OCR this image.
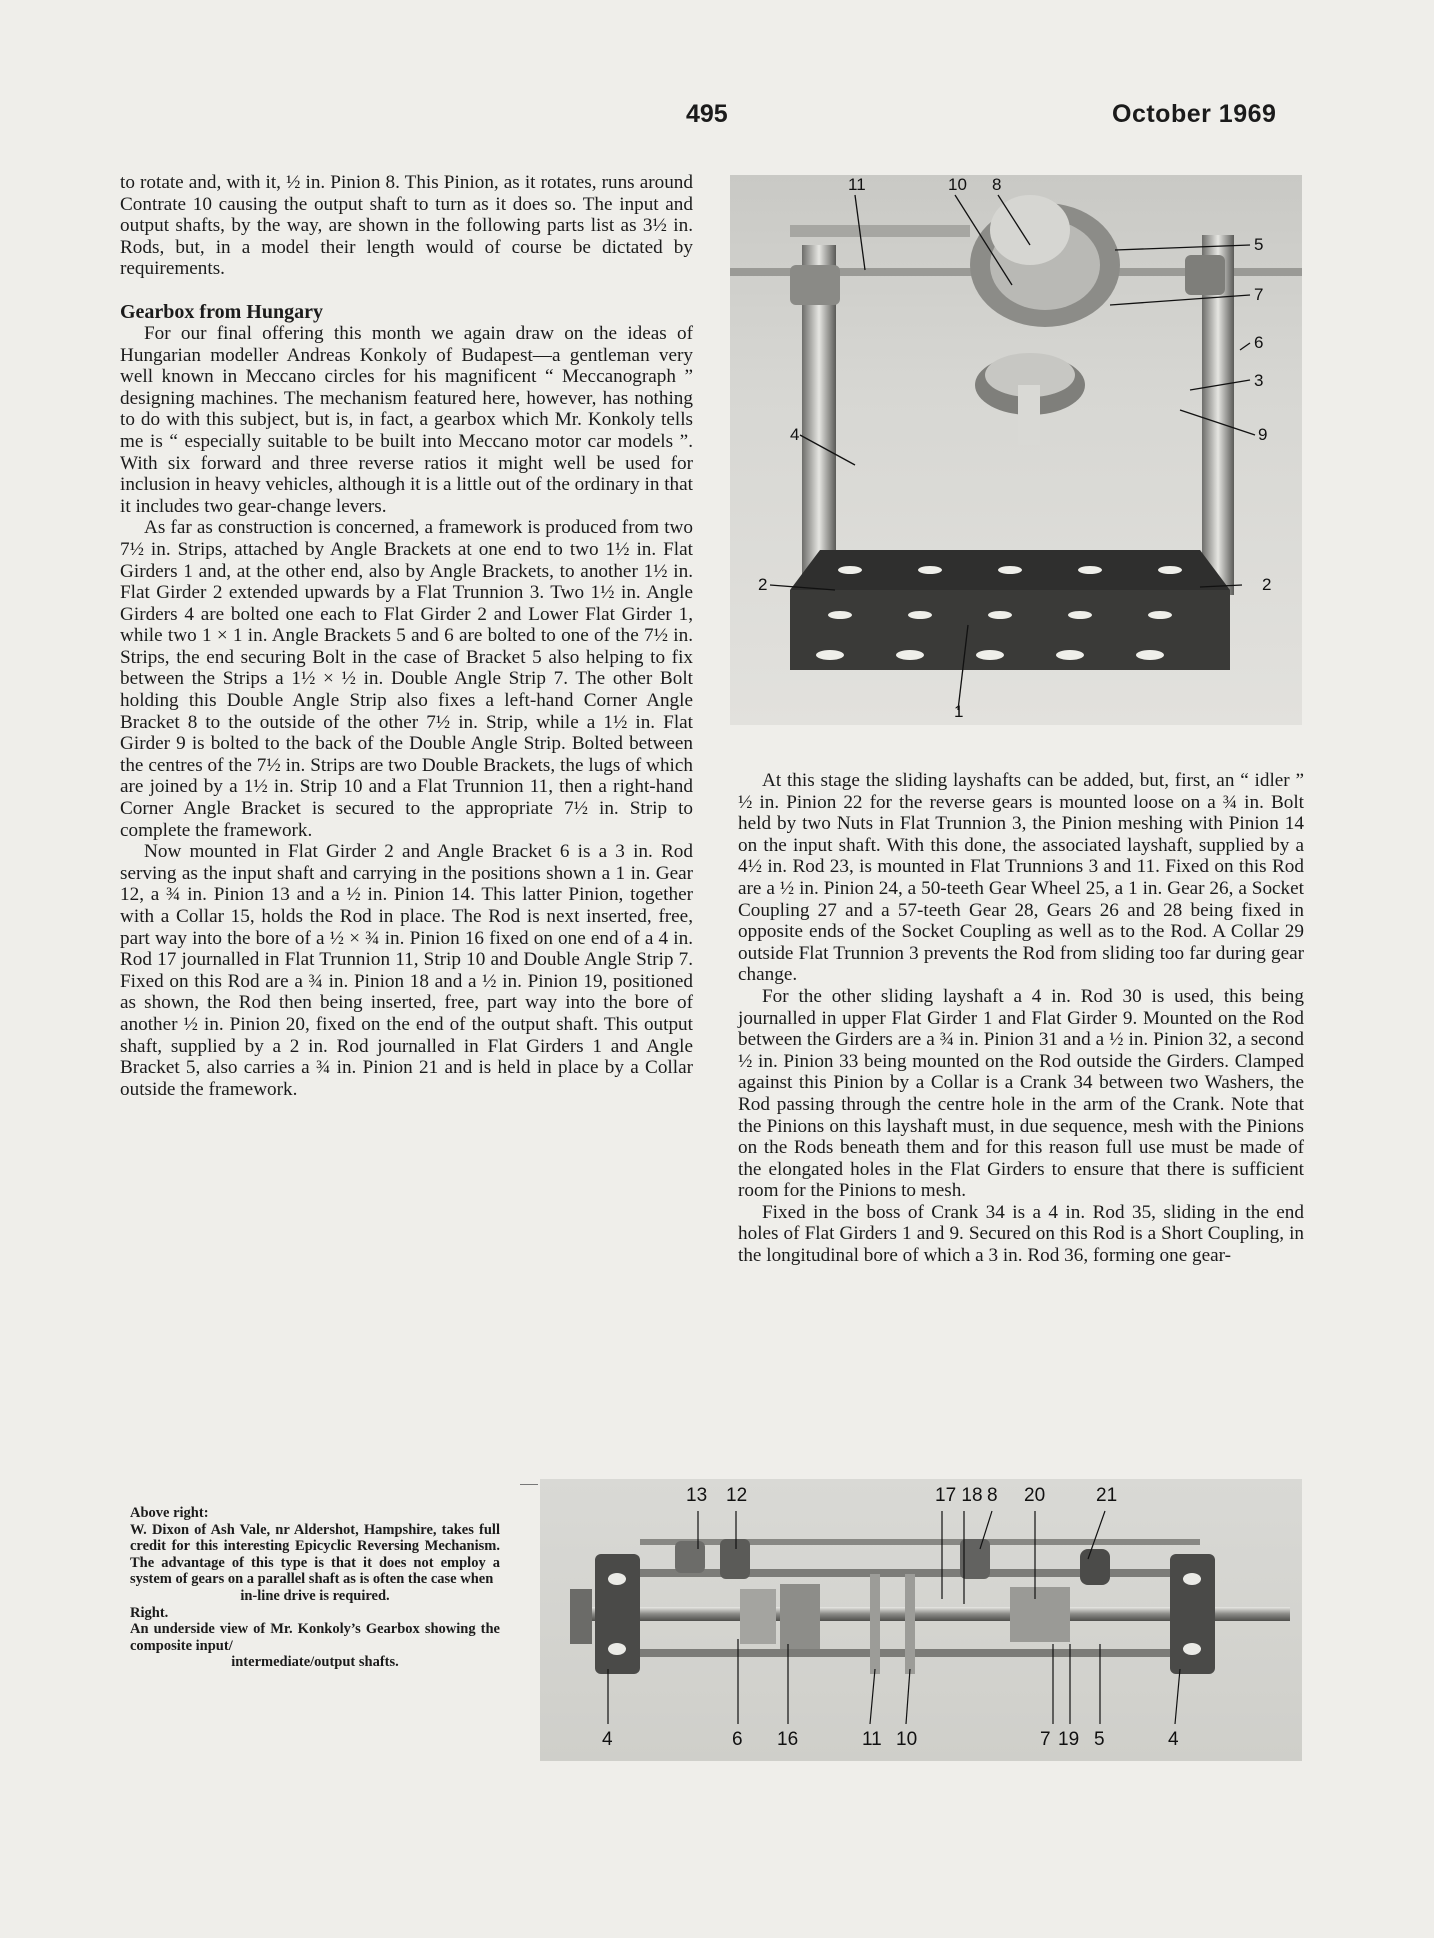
495	October 1969

to rotate and, with it, ½ in. Pinion 8. This Pinion, as it rotates, runs around Contrate 10 causing the output shaft to turn as it does so. The input and output shafts, by the way, are shown in the following parts list as 3½ in. Rods, but, in a model their length would of course be dictated by requirements.

Gearbox from Hungary

For our final offering this month we again draw on the ideas of Hungarian modeller Andreas Konkoly of Budapest—a gentleman very well known in Meccano circles for his magnificent “ Meccanograph ” designing machines. The mechanism featured here, however, has nothing to do with this subject, but is, in fact, a gearbox which Mr. Konkoly tells me is “ especially suitable to be built into Meccano motor car models ”. With six forward and three reverse ratios it might well be used for inclusion in heavy vehicles, although it is a little out of the ordinary in that it includes two gear-change levers.

As far as construction is concerned, a framework is produced from two 7½ in. Strips, attached by Angle Brackets at one end to two 1½ in. Flat Girders 1 and, at the other end, also by Angle Brackets, to another 1½ in. Flat Girder 2 extended upwards by a Flat Trunnion 3. Two 1½ in. Angle Girders 4 are bolted one each to Flat Girder 2 and Lower Flat Girder 1, while two 1 × 1 in. Angle Brackets 5 and 6 are bolted to one of the 7½ in. Strips, the end securing Bolt in the case of Bracket 5 also helping to fix between the Strips a 1½ × ½ in. Double Angle Strip 7. The other Bolt holding this Double Angle Strip also fixes a left-hand Corner Angle Bracket 8 to the outside of the other 7½ in. Strip, while a 1½ in. Flat Girder 9 is bolted to the back of the Double Angle Strip. Bolted between the centres of the 7½ in. Strips are two Double Brackets, the lugs of which are joined by a 1½ in. Strip 10 and a Flat Trunnion 11, then a right-hand Corner Angle Bracket is secured to the appropriate 7½ in. Strip to complete the framework.

Now mounted in Flat Girder 2 and Angle Bracket 6 is a 3 in. Rod serving as the input shaft and carrying in the positions shown a 1 in. Gear 12, a ¾ in. Pinion 13 and a ½ in. Pinion 14. This latter Pinion, together with a Collar 15, holds the Rod in place. The Rod is next inserted, free, part way into the bore of a ½ × ¾ in. Pinion 16 fixed on one end of a 4 in. Rod 17 journalled in Flat Trunnion 11, Strip 10 and Double Angle Strip 7. Fixed on this Rod are a ¾ in. Pinion 18 and a ½ in. Pinion 19, positioned as shown, the Rod then being inserted, free, part way into the bore of another ½ in. Pinion 20, fixed on the end of the output shaft. This output shaft, supplied by a 2 in. Rod journalled in Flat Girders 1 and Angle Bracket 5, also carries a ¾ in. Pinion 21 and is held in place by a Collar outside the framework.

11	10 8
5
7
6
3
4	9
2	2
1

At this stage the sliding layshafts can be added, but, first, an “ idler ” ½ in. Pinion 22 for the reverse gears is mounted loose on a ¾ in. Bolt held by two Nuts in Flat Trunnion 3, the Pinion meshing with Pinion 14 on the input shaft. With this done, the associated layshaft, supplied by a 4½ in. Rod 23, is mounted in Flat Trunnions 3 and 11. Fixed on this Rod are a ½ in. Pinion 24, a 50-teeth Gear Wheel 25, a 1 in. Gear 26, a Socket Coupling 27 and a 57-teeth Gear 28, Gears 26 and 28 being fixed in opposite ends of the Socket Coupling as well as to the Rod. A Collar 29 outside Flat Trunnion 3 prevents the Rod from sliding too far during gear change.

For the other sliding layshaft a 4 in. Rod 30 is used, this being journalled in upper Flat Girder 1 and Flat Girder 9. Mounted on the Rod between the Girders are a ¾ in. Pinion 31 and a ½ in. Pinion 32, a second ½ in. Pinion 33 being mounted on the Rod outside the Girders. Clamped against this Pinion by a Collar is a Crank 34 between two Washers, the Rod passing through the centre hole in the arm of the Crank. Note that the Pinions on this layshaft must, in due sequence, mesh with the Pinions on the Rods beneath them and for this reason full use must be made of the elongated holes in the Flat Girders to ensure that there is sufficient room for the Pinions to mesh.

Fixed in the boss of Crank 34 is a 4 in. Rod 35, sliding in the end holes of Flat Girders 1 and 9. Secured on this Rod is a Short Coupling, in the longitudinal bore of which a 3 in. Rod 36, forming one gear-

Above right:
W. Dixon of Ash Vale, nr Aldershot, Hampshire, takes full credit for this interesting Epicyclic Reversing Mechanism. The advantage of this type is that it does not employ a system of gears on a parallel shaft as is often the case when
in-line drive is required.
Right.
An underside view of Mr. Konkoly’s Gearbox showing the composite input/
intermediate/output shafts.
13 12	17 18 8 20	21
4	6 16	11 10	7 19 5	4
